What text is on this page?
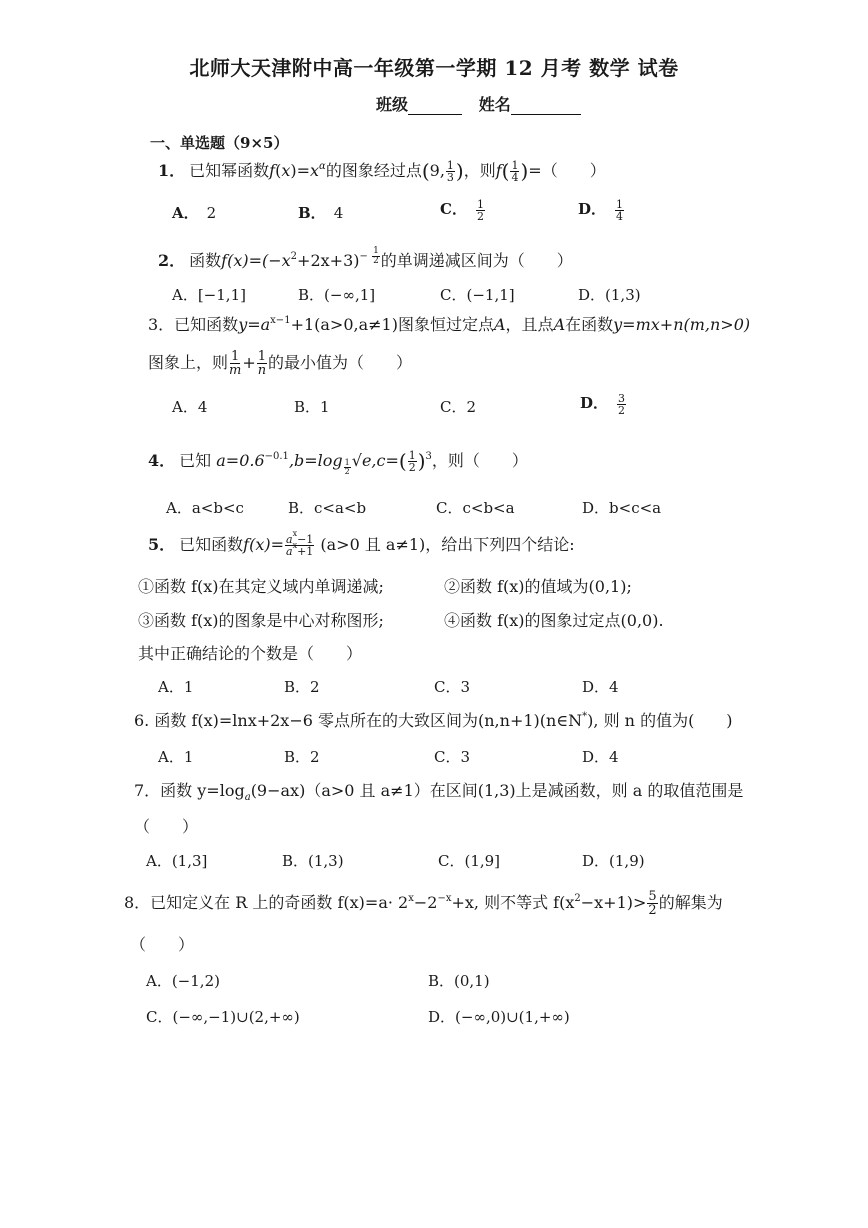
北师大天津附中高一年级第一学期 12 月考 数学 试卷
班级	姓名
一、单选题（9×5）
1． 已知幂函数$f(x)=x^\alpha$的图象经过点(9, $\frac{1}{3}$ )，则$f( \frac{1}{4}$ )=（　　）
A． 2	B． 4	C． $\frac{1}{2}$	D． $\frac{1}{4}$
2． 函数$f(x)=(-x^2+2x+3)^{- \frac{1}{2}}$ 的单调递减区间为（　　）
A．[−1,1]	B．(−∞,1]	C．(−1,1]	D．(1,3)
3．已知函数$y=a^{x-1}+1(a>0,a\ne 1)$图象恒过定点A，且点A在函数y=mx+n(m,n>0)
图象上，则 $\frac{1}{m} + \frac{1}{n}$ 的最小值为（　　）
A．4	B．1	C．2	D． $\frac{3}{2}$
4． 已知 $a=0.6^{-0.1},b=\log$ $_{\frac{1}{2}}$ $√e,c=( \frac{1}{2} )^3$，则（　　）
A．a<b<c	B．c<a<b	C．c<b<a	D．b<c<a
5． 已知函数$f(x)= \frac{a^x-1}{a^x+1} (a>0$ 且 a≠1)，给出下列四个结论:
①函数 f(x)在其定义域内单调递减;	②函数 f(x)的值域为(0,1);
③函数 f(x)的图象是中心对称图形;	④函数 f(x)的图象过定点(0,0).
其中正确结论的个数是（　　）
A．1	B．2	C．3	D．4
6. 函数 f(x)=lnx+2x−6 零点所在的大致区间为(n,n+1)(n∈N*), 则 n 的值为(　　)
A．1	B．2	C．3	D．4
7．函数 $y=\log_a(9-ax)(a>0$ 且 a≠1）在区间(1,3)上是减函数，则 a 的取值范围是
（　　）
A．(1,3]	B．(1,3)	C．(1,9]	D．(1,9)
8．已知定义在 R 上的奇函数 $f(x)=a\cdot 2^x-2^{-x}+x$, 则不等式 $f(x^2-x+1)> \frac{5}{2}$ 的解集为
（　　）
A．(−1,2)	B．(0,1)
C．(−∞,−1)∪(2,+∞)	D．(−∞,0)∪(1,+∞)
